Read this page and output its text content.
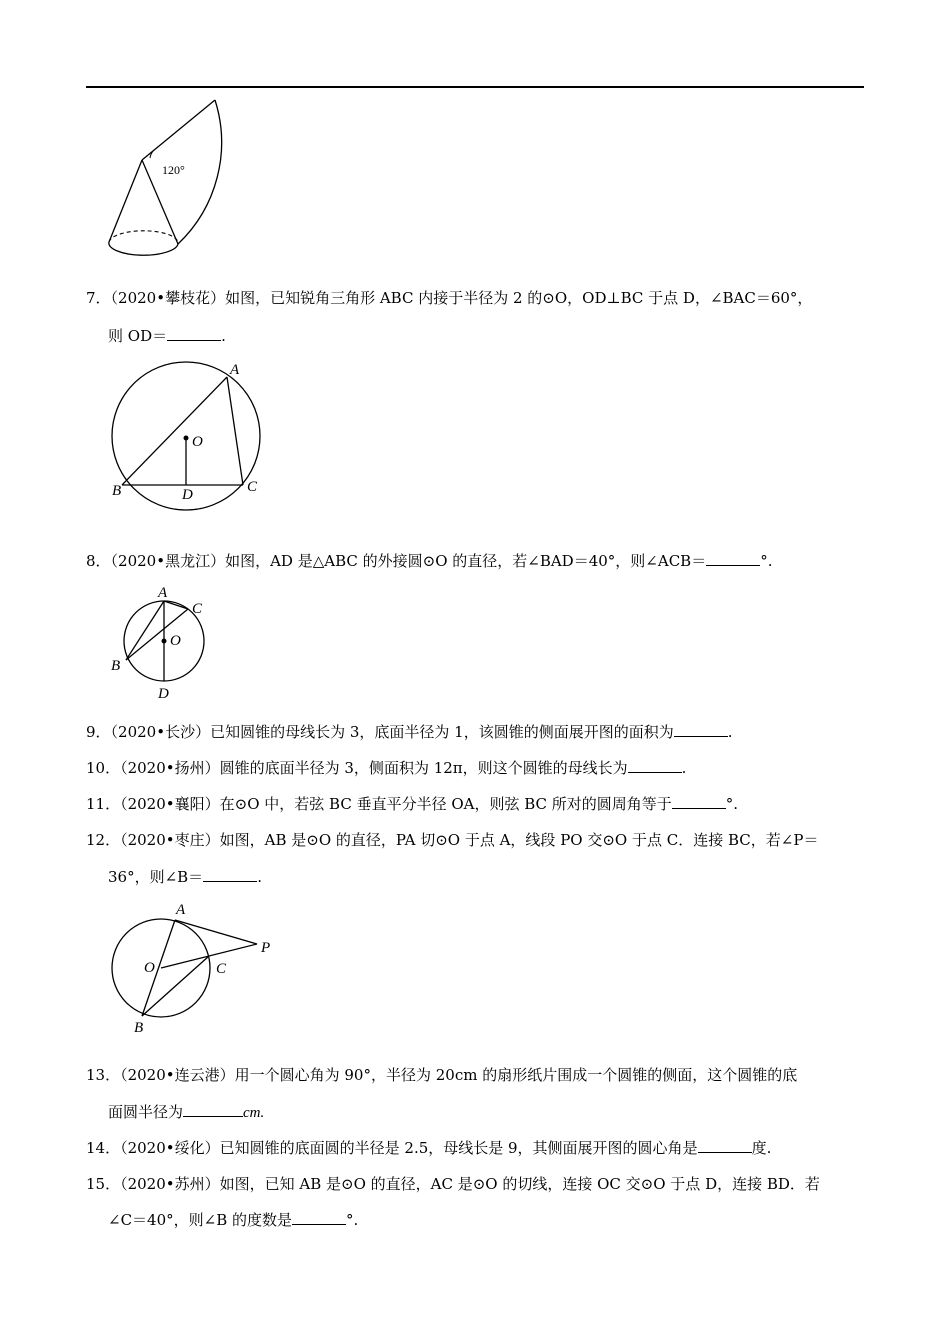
120°
7．（2020•攀枝花）如图，已知锐角三角形 ABC 内接于半径为 2 的⊙O，OD⊥BC 于点 D，∠BAC＝60°，
则 OD＝	.
A
B	C
D
O
8．（2020•黑龙江）如图，AD 是△ABC 的外接圆⊙O 的直径，若∠BAD＝40°，则∠ACB＝	°.
A
B
C
D
O
9．（2020•长沙）已知圆锥的母线长为 3，底面半径为 1，该圆锥的侧面展开图的面积为	.
10．（2020•扬州）圆锥的底面半径为 3，侧面积为 12π，则这个圆锥的母线长为	.
11．（2020•襄阳）在⊙O 中，若弦 BC 垂直平分半径 OA，则弦 BC 所对的圆周角等于	°.
12．（2020•枣庄）如图，AB 是⊙O 的直径，PA 切⊙O 于点 A，线段 PO 交⊙O 于点 C．连接 BC，若∠P＝
36°，则∠B＝	.
A
B
C
O
P
13．（2020•连云港）用一个圆心角为 90°，半径为 20cm 的扇形纸片围成一个圆锥的侧面，这个圆锥的底
面圆半径为	cm.
14．（2020•绥化）已知圆锥的底面圆的半径是 2.5，母线长是 9，其侧面展开图的圆心角是	度.
15．（2020•苏州）如图，已知 AB 是⊙O 的直径，AC 是⊙O 的切线，连接 OC 交⊙O 于点 D，连接 BD．若
∠C＝40°，则∠B 的度数是	°.
